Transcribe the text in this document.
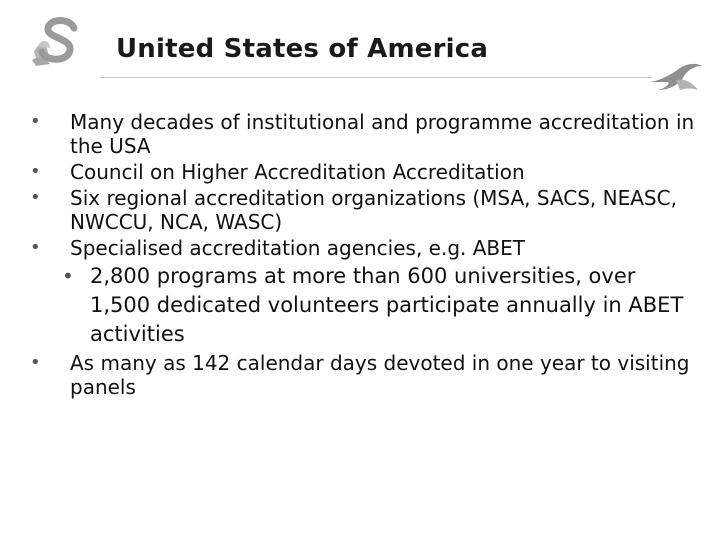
United States of America
• Many decades of institutional and programme accreditation in the USA
• Council on Higher Accreditation Accreditation
• Six regional accreditation organizations (MSA, SACS, NEASC, NWCCU, NCA, WASC)
• Specialised accreditation agencies, e.g. ABET
• 2,800 programs at more than 600 universities, over 1,500 dedicated volunteers participate annually in ABET activities
• As many as 142 calendar days devoted in one year to visiting panels
